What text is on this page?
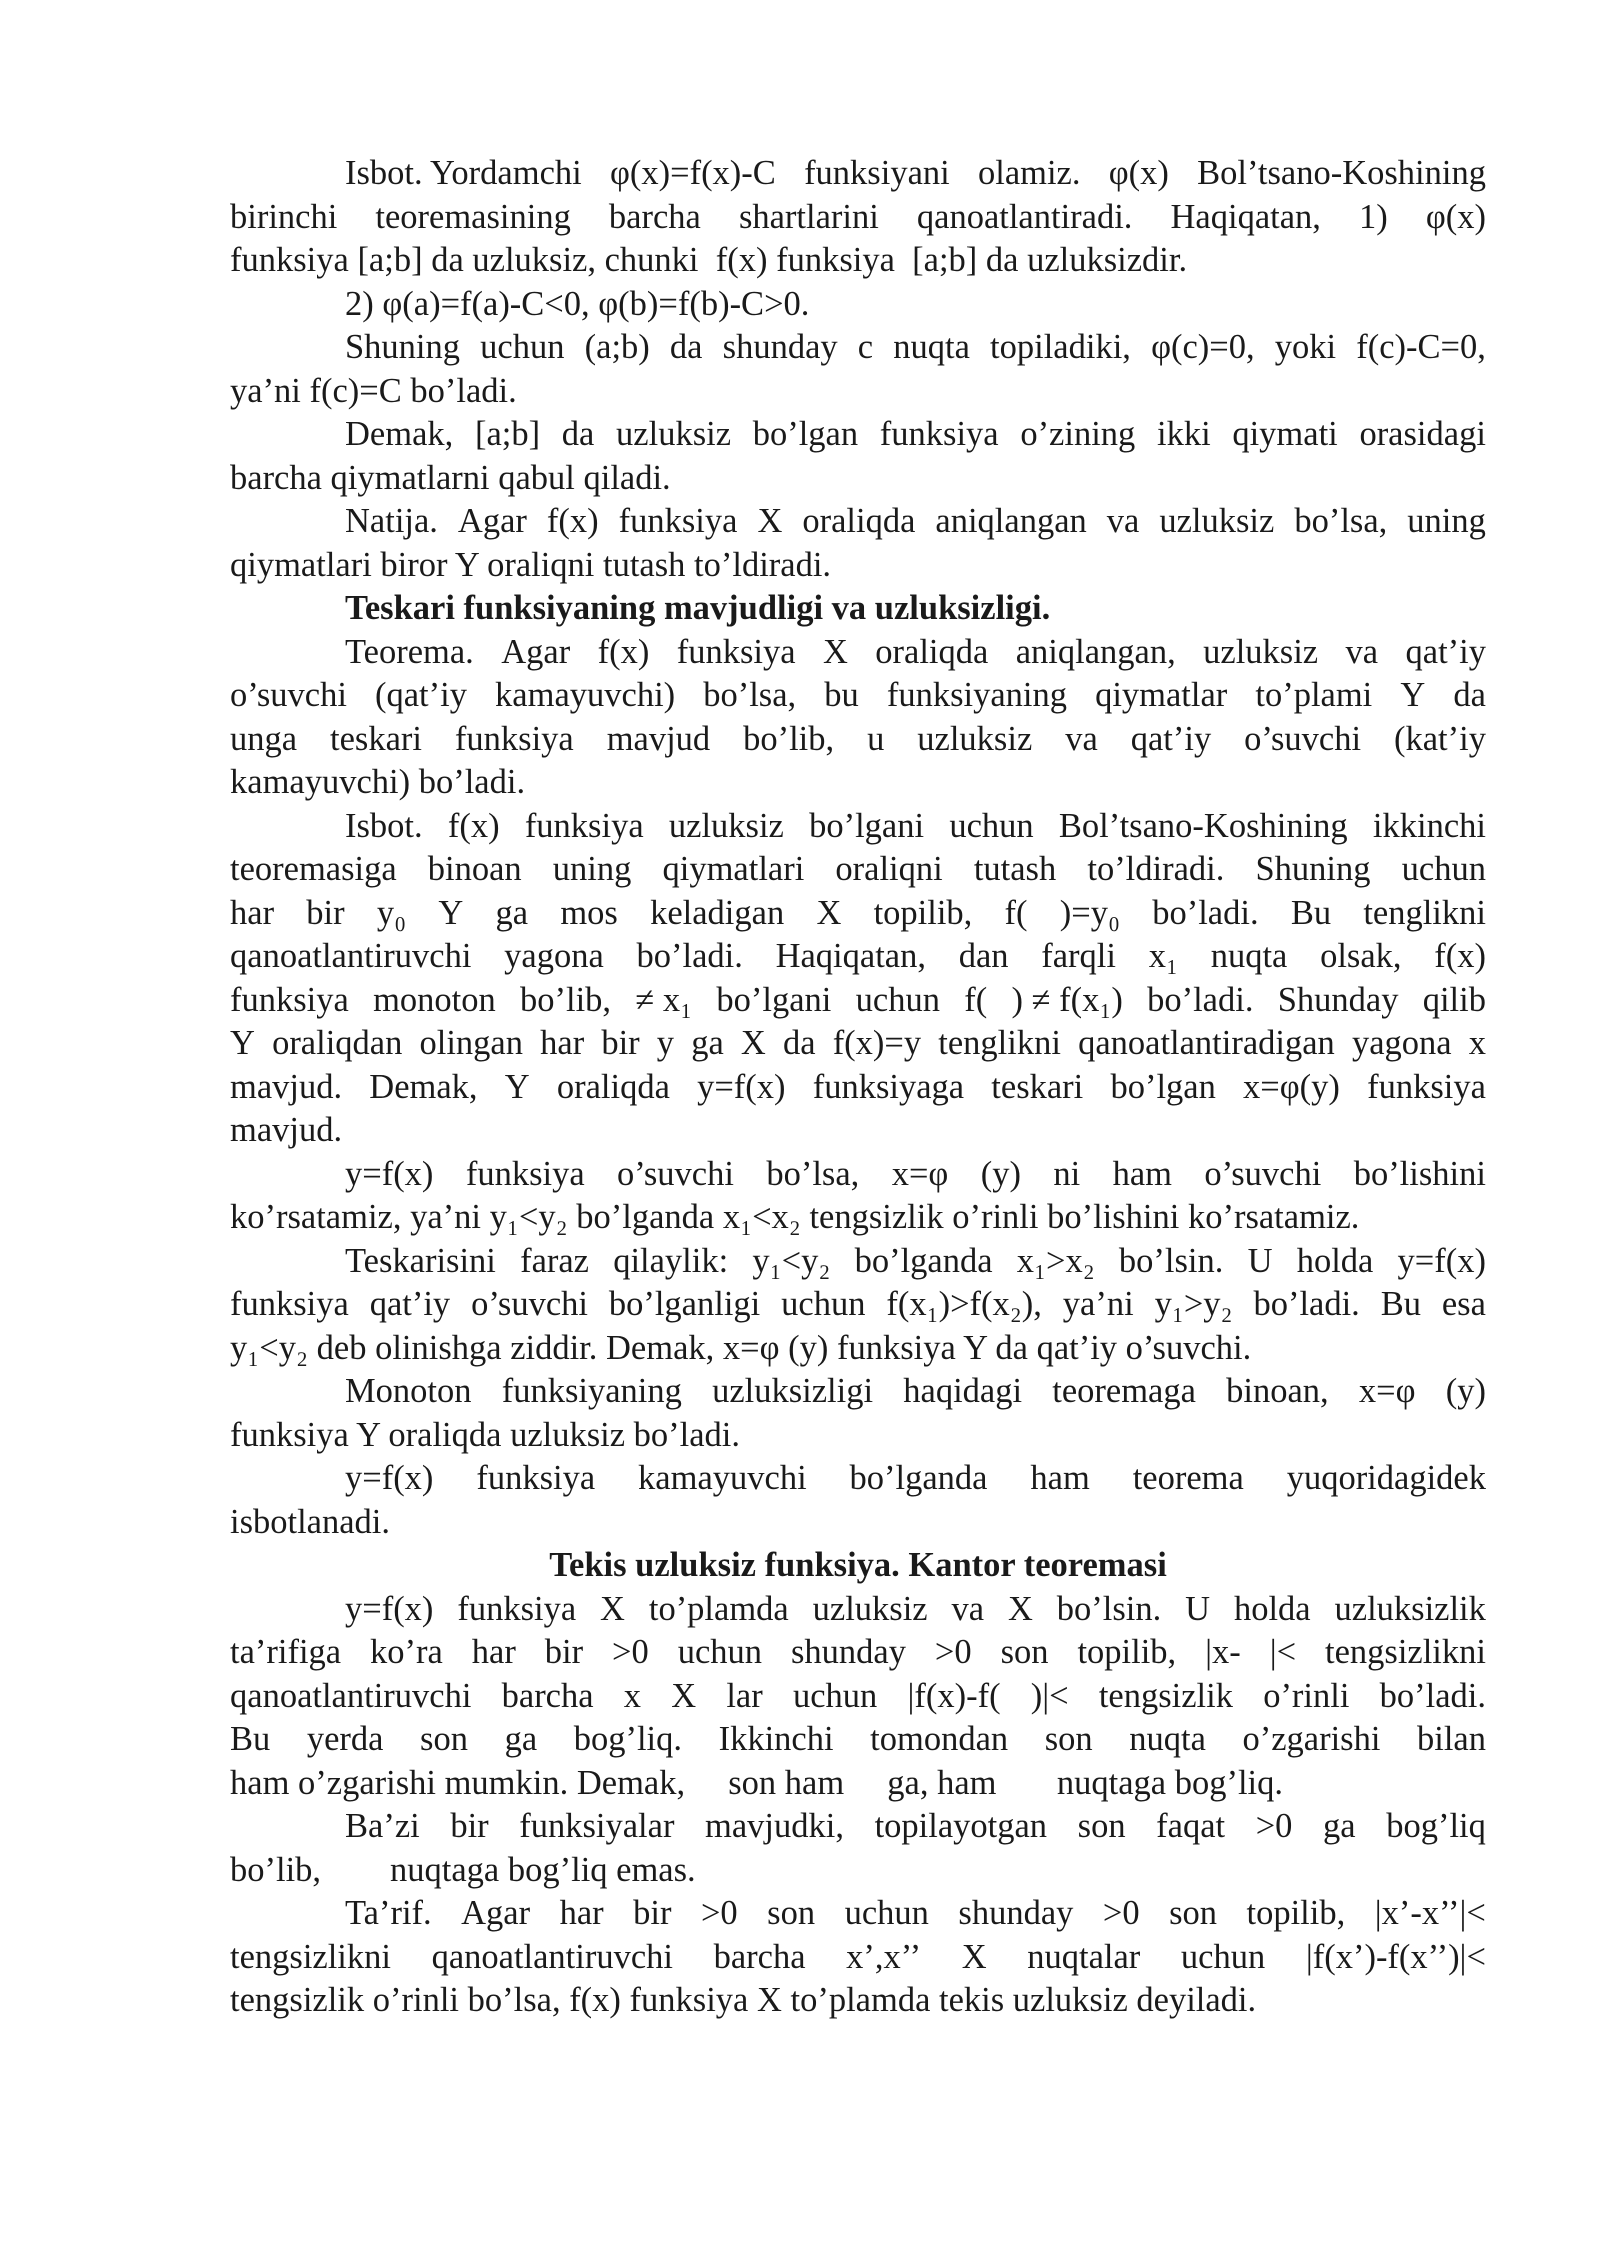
Isbot. Yordamchi φ(x)=f(x)-C funksiyani olamiz. φ(x) Bol’tsano-Koshining
birinchi teoremasining barcha shartlarini qanoatlantiradi. Haqiqatan, 1) φ(x)
funksiya [a;b] da uzluksiz, chunki  f(x) funksiya  [a;b] da uzluksizdir.
2) φ(a)=f(a)-C<0, φ(b)=f(b)-C>0.
Shuning uchun (a;b) da shunday c nuqta topiladiki, φ(c)=0, yoki f(c)-C=0,
ya’ni f(c)=C bo’ladi.
Demak, [a;b] da uzluksiz bo’lgan funksiya o’zining ikki qiymati orasidagi
barcha qiymatlarni qabul qiladi.
Natija. Agar f(x) funksiya X oraliqda aniqlangan va uzluksiz bo’lsa, uning
qiymatlari biror Y oraliqni tutash to’ldiradi.
Teskari funksiyaning mavjudligi va uzluksizligi.
Teorema. Agar f(x) funksiya X oraliqda aniqlangan, uzluksiz va qat’iy
o’suvchi (qat’iy kamayuvchi) bo’lsa, bu funksiyaning qiymatlar to’plami Y da
unga teskari funksiya mavjud bo’lib, u uzluksiz va qat’iy o’suvchi (kat’iy
kamayuvchi) bo’ladi.
Isbot. f(x) funksiya uzluksiz bo’lgani uchun Bol’tsano-Koshining ikkinchi
teoremasiga binoan uning qiymatlari oraliqni tutash to’ldiradi. Shuning uchun
har bir y₀ Y ga mos keladigan X topilib, f( )=y₀ bo’ladi. Bu tenglikni
qanoatlantiruvchi yagona bo’ladi. Haqiqatan, dan farqli x₁ nuqta olsak, f(x)
funksiya monoton bo’lib, ≠ x₁ bo’lgani uchun f( ) ≠ f(x₁) bo’ladi. Shunday qilib
Y oraliqdan olingan har bir y ga X da f(x)=y tenglikni qanoatlantiradigan yagona x
mavjud. Demak, Y oraliqda y=f(x) funksiyaga teskari bo’lgan x=φ(y) funksiya
mavjud.
y=f(x) funksiya o’suvchi bo’lsa, x=φ (y) ni ham o’suvchi bo’lishini
ko’rsatamiz, ya’ni y₁<y₂ bo’lganda x₁<x₂ tengsizlik o’rinli bo’lishini ko’rsatamiz.
Teskarisini faraz qilaylik: y₁<y₂ bo’lganda x₁>x₂ bo’lsin. U holda y=f(x)
funksiya qat’iy o’suvchi bo’lganligi uchun f(x₁)>f(x₂), ya’ni y₁>y₂ bo’ladi. Bu esa
y₁<y₂ deb olinishga ziddir. Demak, x=φ (y) funksiya Y da qat’iy o’suvchi.
Monoton funksiyaning uzluksizligi haqidagi teoremaga binoan, x=φ (y)
funksiya Y oraliqda uzluksiz bo’ladi.
y=f(x) funksiya kamayuvchi bo’lganda ham teorema yuqoridagidek
isbotlanadi.
Tekis uzluksiz funksiya. Kantor teoremasi
y=f(x) funksiya X to’plamda uzluksiz va X bo’lsin. U holda uzluksizlik
ta’rifiga ko’ra har bir >0 uchun shunday >0 son topilib, |x- |< tengsizlikni
qanoatlantiruvchi barcha x X lar uchun |f(x)-f( )|< tengsizlik o’rinli bo’ladi.
Bu yerda son ga bog’liq. Ikkinchi tomondan son nuqta o’zgarishi bilan
ham o’zgarishi mumkin. Demak,     son ham     ga, ham       nuqtaga bog’liq.
Ba’zi bir funksiyalar mavjudki, topilayotgan son faqat >0 ga bog’liq
bo’lib,        nuqtaga bog’liq emas.
Ta’rif. Agar har bir >0 son uchun shunday >0 son topilib, |x’-x’’|<
tengsizlikni qanoatlantiruvchi barcha x’,x’’ X nuqtalar uchun |f(x’)-f(x’’)|<
tengsizlik o’rinli bo’lsa, f(x) funksiya X to’plamda tekis uzluksiz deyiladi.
